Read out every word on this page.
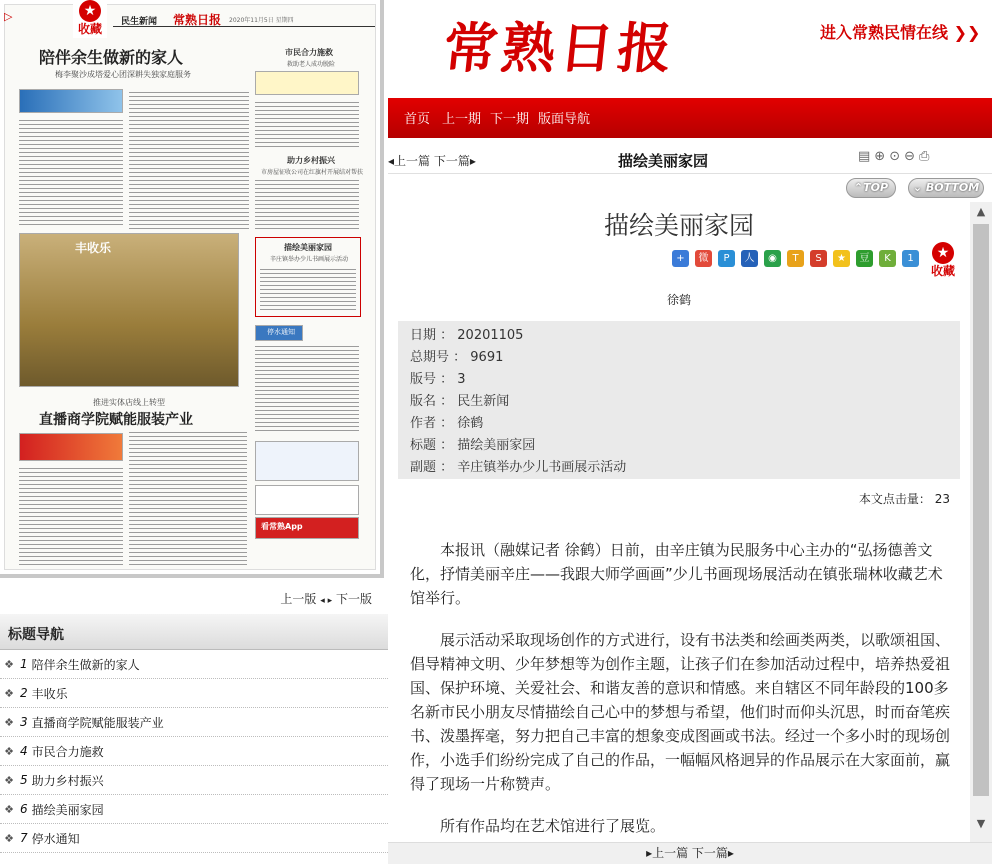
民生新闻 常熟日报 2020年11月5日 星期四
陪伴余生做新的家人
梅李聚沙成塔爱心团深耕失独家庭服务
市民合力施救
救助老人成功脱险
助力乡村振兴
市房屋征收公司在红旗村开展结对帮扶
丰收乐	描绘美丽家园
辛庄镇举办少儿书画展示活动
停水通知
推进实体店线上转型
直播商学院赋能服装产业
看常熟App
▷	★
收藏
上一版 ◂ ▸ 下一版
标题导航
❖ 1 陪伴余生做新的家人
❖ 2 丰收乐
❖ 3 直播商学院赋能服装产业
❖ 4 市民合力施救
❖ 5 助力乡村振兴
❖ 6 描绘美丽家园
❖ 7 停水通知
常熟日报	进入常熟民情在线 ❯❯
首页 上一期 下一期 版面导航
◂上一篇 下一篇▸	描绘美丽家园	▤⊕⊙⊖⎙
⌃TOP	⌄ BOTTOM
描绘美丽家园
+	微	P	人	◉	T	S	★	豆	K	1	★
收藏
徐鹤
日期 ： 20201105
总期号 ： 9691
版号 ： 3
版名 ： 民生新闻
作者 ： 徐鹤
标题 ： 描绘美丽家园
副题 ： 辛庄镇举办少儿书画展示活动
本文点击量： 23

本报讯（融媒记者 徐鹤）日前，由辛庄镇为民服务中心主办的“弘扬德善文化，抒情美丽辛庄——我跟大师学画画”少儿书画现场展活动在镇张瑞林收藏艺术馆举行。

展示活动采取现场创作的方式进行，设有书法类和绘画类两类，以歌颂祖国、倡导精神文明、少年梦想等为创作主题，让孩子们在参加活动过程中，培养热爱祖国、保护环境、关爱社会、和谐友善的意识和情感。来自辖区不同年龄段的100多名新市民小朋友尽情描绘自己心中的梦想与希望，他们时而仰头沉思，时而奋笔疾书、泼墨挥毫，努力把自己丰富的想象变成图画或书法。经过一个多小时的现场创作，小选手们纷纷完成了自己的作品，一幅幅风格迥异的作品展示在大家面前，赢得了现场一片称赞声。

所有作品均在艺术馆进行了展览。

▲
▼
▸上一篇 下一篇▸
